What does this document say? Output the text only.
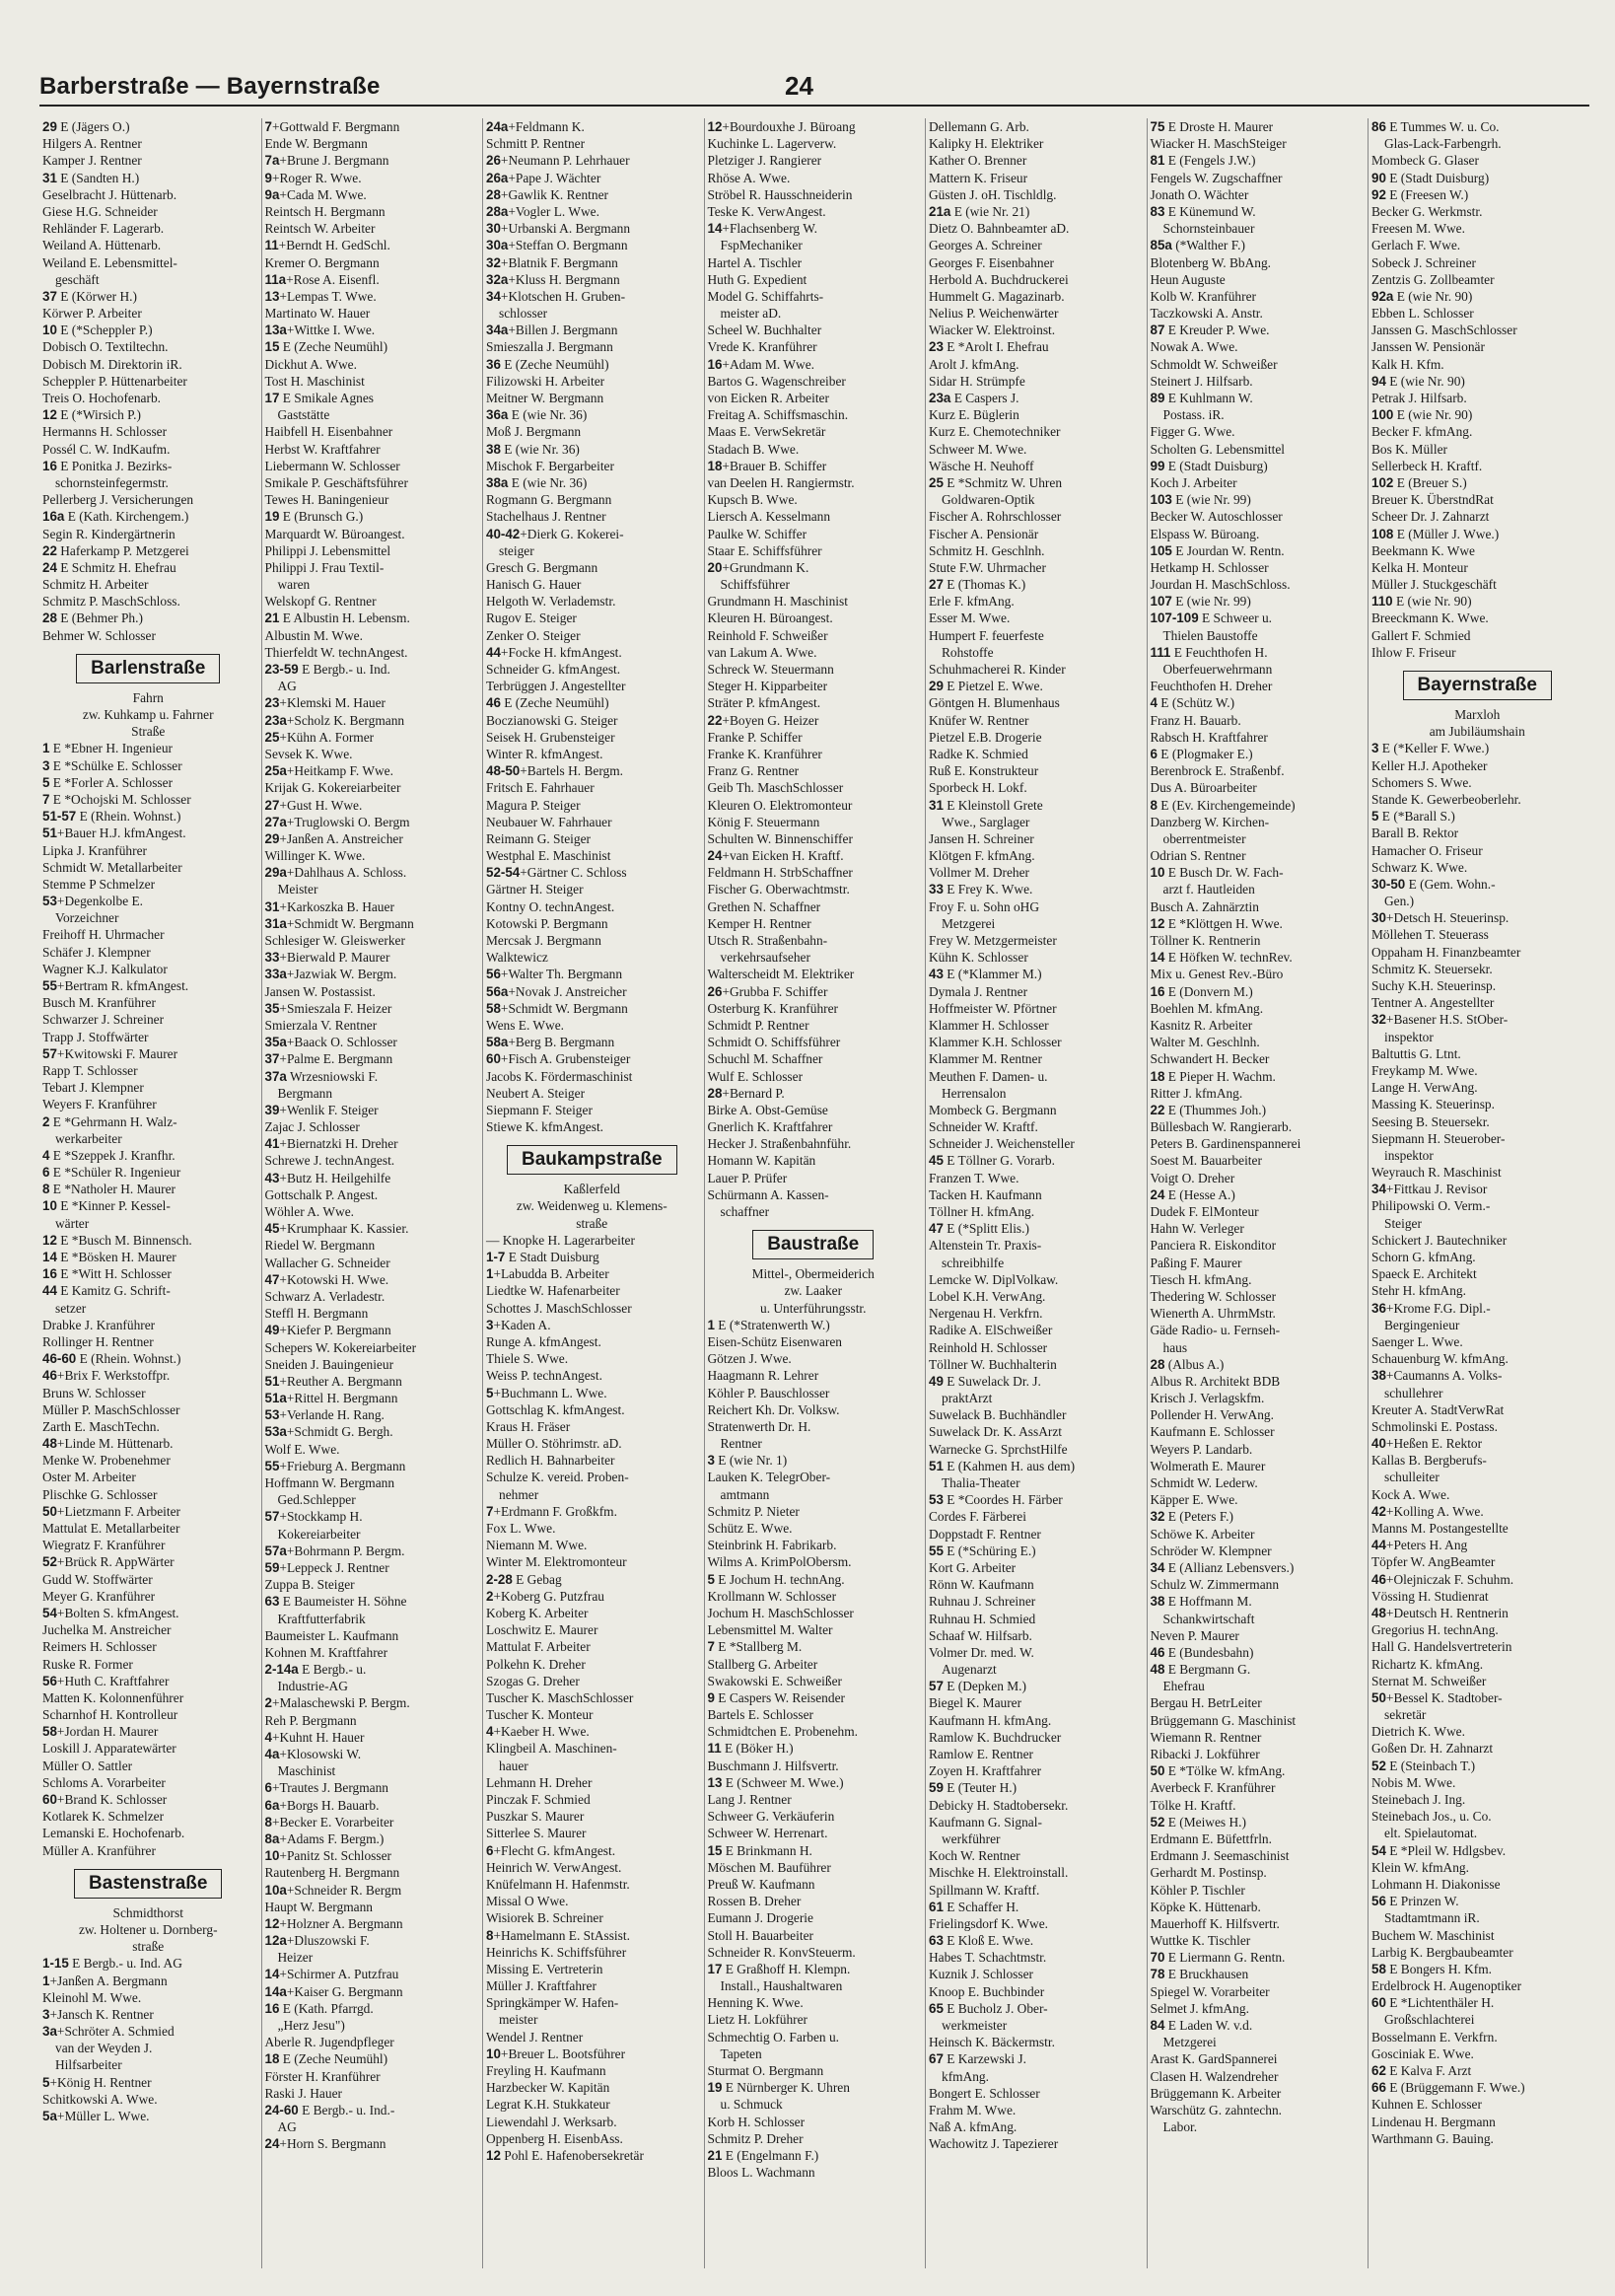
Barberstraße — Bayernstraße	24
29 E (Jägers O.)
Hilgers A. Rentner
Kamper J. Rentner
31 E (Sandten H.)
Geselbracht J. Hüttenarb.
Giese H.G. Schneider
Rehländer F. Lagerarb.
Weiland A. Hüttenarb.
Weiland E. Lebensmittel-
geschäft
37 E (Körwer H.)
Körwer P. Arbeiter
10 E (*Scheppler P.)
Dobisch O. Textiltechn.
Dobisch M. Direktorin iR.
Scheppler P. Hüttenarbeiter
Treis O. Hochofenarb.
12 E (*Wirsich P.)
Hermanns H. Schlosser
Possél C. W. IndKaufm.
16 E Ponitka J. Bezirks-
schornsteinfegermstr.
Pellerberg J. Versicherungen
16a E (Kath. Kirchengem.)
Segin R. Kindergärtnerin
22 Haferkamp P. Metzgerei
24 E Schmitz H. Ehefrau
Schmitz H. Arbeiter
Schmitz P. MaschSchloss.
28 E (Behmer Ph.)
Behmer W. Schlosser
Barlenstraße
Fahrn
zw. Kuhkamp u. Fahrner
Straße
1 E *Ebner H. Ingenieur
3 E *Schülke E. Schlosser
5 E *Forler A. Schlosser
7 E *Ochojski M. Schlosser
51-57 E (Rhein. Wohnst.)
51+Bauer H.J. kfmAngest.
Lipka J. Kranführer
Schmidt W. Metallarbeiter
Stemme P Schmelzer
53+Degenkolbe E.
Vorzeichner
Freihoff H. Uhrmacher
Schäfer J. Klempner
Wagner K.J. Kalkulator
55+Bertram R. kfmAngest.
Busch M. Kranführer
Schwarzer J. Schreiner
Trapp J. Stoffwärter
57+Kwitowski F. Maurer
Rapp T. Schlosser
Tebart J. Klempner
Weyers F. Kranführer
2 E *Gehrmann H. Walz-
werkarbeiter
4 E *Szeppek J. Kranfhr.
6 E *Schüler R. Ingenieur
8 E *Natholer H. Maurer
10 E *Kinner P. Kessel-
wärter
12 E *Busch M. Binnensch.
14 E *Bösken H. Maurer
16 E *Witt H. Schlosser
44 E Kamitz G. Schrift-
setzer
Drabke J. Kranführer
Rollinger H. Rentner
46-60 E (Rhein. Wohnst.)
46+Brix F. Werkstoffpr.
Bruns W. Schlosser
Müller P. MaschSchlosser
Zarth E. MaschTechn.
48+Linde M. Hüttenarb.
Menke W. Probenehmer
Oster M. Arbeiter
Plischke G. Schlosser
50+Lietzmann F. Arbeiter
Mattulat E. Metallarbeiter
Wiegratz F. Kranführer
52+Brück R. AppWärter
Gudd W. Stoffwärter
Meyer G. Kranführer
54+Bolten S. kfmAngest.
Juchelka M. Anstreicher
Reimers H. Schlosser
Ruske R. Former
56+Huth C. Kraftfahrer
Matten K. Kolonnenführer
Scharnhof H. Kontrolleur
58+Jordan H. Maurer
Loskill J. Apparatewärter
Müller O. Sattler
Schloms A. Vorarbeiter
60+Brand K. Schlosser
Kotlarek K. Schmelzer
Lemanski E. Hochofenarb.
Müller A. Kranführer
Bastenstraße
Schmidthorst
zw. Holtener u. Dornberg-
straße
1-15 E Bergb.- u. Ind. AG
1+Janßen A. Bergmann
Kleinohl M. Wwe.
3+Jansch K. Rentner
3a+Schröter A. Schmied
van der Weyden J.
Hilfsarbeiter
5+König H. Rentner
Schitkowski A. Wwe.
5a+Müller L. Wwe.
7+Gottwald F. Bergmann
Ende W. Bergmann
7a+Brune J. Bergmann
9+Roger R. Wwe.
9a+Cada M. Wwe.
Reintsch H. Bergmann
Reintsch W. Arbeiter
11+Berndt H. GedSchl.
Kremer O. Bergmann
11a+Rose A. Eisenfl.
13+Lempas T. Wwe.
Martinato W. Hauer
13a+Wittke I. Wwe.
15 E (Zeche Neumühl)
Dickhut A. Wwe.
Tost H. Maschinist
17 E Smikale Agnes
Gaststätte
Haibfell H. Eisenbahner
Herbst W. Kraftfahrer
Liebermann W. Schlosser
Smikale P. Geschäftsführer
Tewes H. Baningenieur
19 E (Brunsch G.)
Marquardt W. Büroangest.
Philippi J. Lebensmittel
Philippi J. Frau Textil-
waren
Welskopf G. Rentner
21 E Albustin H. Lebensm.
Albustin M. Wwe.
Thierfeldt W. technAngest.
23-59 E Bergb.- u. Ind.
AG
23+Klemski M. Hauer
23a+Scholz K. Bergmann
25+Kühn A. Former
Sevsek K. Wwe.
25a+Heitkamp F. Wwe.
Krijak G. Kokereiarbeiter
27+Gust H. Wwe.
27a+Truglowski O. Bergm
29+Janßen A. Anstreicher
Willinger K. Wwe.
29a+Dahlhaus A. Schloss.
Meister
31+Karkoszka B. Hauer
31a+Schmidt W. Bergmann
Schlesiger W. Gleiswerker
33+Bierwald P. Maurer
33a+Jazwiak W. Bergm.
Jansen W. Postassist.
35+Smieszala F. Heizer
Smierzala V. Rentner
35a+Baack O. Schlosser
37+Palme E. Bergmann
37a Wrzesniowski F.
Bergmann
39+Wenlik F. Steiger
Zajac J. Schlosser
41+Biernatzki H. Dreher
Schrewe J. technAngest.
43+Butz H. Heilgehilfe
Gottschalk P. Angest.
Wöhler A. Wwe.
45+Krumphaar K. Kassier.
Riedel W. Bergmann
Wallacher G. Schneider
47+Kotowski H. Wwe.
Schwarz A. Verladestr.
Steffl H. Bergmann
49+Kiefer P. Bergmann
Schepers W. Kokereiarbeiter
Sneiden J. Bauingenieur
51+Reuther A. Bergmann
51a+Rittel H. Bergmann
53+Verlande H. Rang.
53a+Schmidt G. Bergh.
Wolf E. Wwe.
55+Frieburg A. Bergmann
Hoffmann W. Bergmann
Ged.Schlepper
57+Stockkamp H.
Kokereiarbeiter
57a+Bohrmann P. Bergm.
59+Leppeck J. Rentner
Zuppa B. Steiger
63 E Baumeister H. Söhne
Kraftfutterfabrik
Baumeister L. Kaufmann
Kohnen M. Kraftfahrer
2-14a E Bergb.- u.
Industrie-AG
2+Malaschewski P. Bergm.
Reh P. Bergmann
4+Kuhnt H. Hauer
4a+Klosowski W.
Maschinist
6+Trautes J. Bergmann
6a+Borgs H. Bauarb.
8+Becker E. Vorarbeiter
8a+Adams F. Bergm.)
10+Panitz St. Schlosser
Rautenberg H. Bergmann
10a+Schneider R. Bergm
Haupt W. Bergmann
12+Holzner A. Bergmann
12a+Dluszowski F.
Heizer
14+Schirmer A. Putzfrau
14a+Kaiser G. Bergmann
16 E (Kath. Pfarrgd.
„Herz Jesu")
Aberle R. Jugendpfleger
18 E (Zeche Neumühl)
Förster H. Kranführer
Raski J. Hauer
24-60 E Bergb.- u. Ind.-
AG
24+Horn S. Bergmann
24a+Feldmann K.
Schmitt P. Rentner
26+Neumann P. Lehrhauer
26a+Pape J. Wächter
28+Gawlik K. Rentner
28a+Vogler L. Wwe.
30+Urbanski A. Bergmann
30a+Steffan O. Bergmann
32+Blatnik F. Bergmann
32a+Kluss H. Bergmann
34+Klotschen H. Gruben-
schlosser
34a+Billen J. Bergmann
Smieszalla J. Bergmann
36 E (Zeche Neumühl)
Filizowski H. Arbeiter
Meitner W. Bergmann
36a E (wie Nr. 36)
Moß J. Bergmann
38 E (wie Nr. 36)
Mischok F. Bergarbeiter
38a E (wie Nr. 36)
Rogmann G. Bergmann
Stachelhaus J. Rentner
40-42+Dierk G. Kokerei-
steiger
Gresch G. Bergmann
Hanisch G. Hauer
Helgoth W. Verlademstr.
Rugov E. Steiger
Zenker O. Steiger
44+Focke H. kfmAngest.
Schneider G. kfmAngest.
Terbrüggen J. Angestellter
46 E (Zeche Neumühl)
Boczianowski G. Steiger
Seisek H. Grubensteiger
Winter R. kfmAngest.
48-50+Bartels H. Bergm.
Fritsch E. Fahrhauer
Magura P. Steiger
Neubauer W. Fahrhauer
Reimann G. Steiger
Westphal E. Maschinist
52-54+Gärtner C. Schloss
Gärtner H. Steiger
Kontny O. technAngest.
Kotowski P. Bergmann
Mercsak J. Bergmann
Walktewicz
56+Walter Th. Bergmann
56a+Novak J. Anstreicher
58+Schmidt W. Bergmann
Wens E. Wwe.
58a+Berg B. Bergmann
60+Fisch A. Grubensteiger
Jacobs K. Fördermaschinist
Neubert A. Steiger
Siepmann F. Steiger
Stiewe K. kfmAngest.
Baukampstraße
Kaßlerfeld
zw. Weidenweg u. Klemens-
straße
— Knopke H. Lagerarbeiter
1-7 E Stadt Duisburg
1+Labudda B. Arbeiter
Liedtke W. Hafenarbeiter
Schottes J. MaschSchlosser
3+Kaden A.
Runge A. kfmAngest.
Thiele S. Wwe.
Weiss P. technAngest.
5+Buchmann L. Wwe.
Gottschlag K. kfmAngest.
Kraus H. Fräser
Müller O. Stöhrimstr. aD.
Redlich H. Bahnarbeiter
Schulze K. vereid. Proben-
nehmer
7+Erdmann F. Großkfm.
Fox L. Wwe.
Niemann M. Wwe.
Winter M. Elektromonteur
2-28 E Gebag
2+Koberg G. Putzfrau
Koberg K. Arbeiter
Loschwitz E. Maurer
Mattulat F. Arbeiter
Polkehn K. Dreher
Szogas G. Dreher
Tuscher K. MaschSchlosser
Tuscher K. Monteur
4+Kaeber H. Wwe.
Klingbeil A. Maschinen-
hauer
Lehmann H. Dreher
Pinczak F. Schmied
Puszkar S. Maurer
Sitterlee S. Maurer
6+Flecht G. kfmAngest.
Heinrich W. VerwAngest.
Knüfelmann H. Hafenmstr.
Missal O Wwe.
Wisiorek B. Schreiner
8+Hamelmann E. StAssist.
Heinrichs K. Schiffsführer
Missing E. Vertreterin
Müller J. Kraftfahrer
Springkämper W. Hafen-
meister
Wendel J. Rentner
10+Breuer L. Bootsführer
Freyling H. Kaufmann
Harzbecker W. Kapitän
Legrat K.H. Stukkateur
Liewendahl J. Werksarb.
Oppenberg H. EisenbAss.
12 Pohl E. Hafenobersekretär
12+Bourdouxhe J. Büroang
Kuchinke L. Lagerverw.
Pletziger J. Rangierer
Rhöse A. Wwe.
Ströbel R. Hausschneiderin
Teske K. VerwAngest.
14+Flachsenberg W.
FspMechaniker
Hartel A. Tischler
Huth G. Expedient
Model G. Schiffahrts-
meister aD.
Scheel W. Buchhalter
Vrede K. Kranführer
16+Adam M. Wwe.
Bartos G. Wagenschreiber
von Eicken R. Arbeiter
Freitag A. Schiffsmaschin.
Maas E. VerwSekretär
Stadach B. Wwe.
18+Brauer B. Schiffer
van Deelen H. Rangiermstr.
Kupsch B. Wwe.
Liersch A. Kesselmann
Paulke W. Schiffer
Staar E. Schiffsführer
20+Grundmann K.
Schiffsführer
Grundmann H. Maschinist
Kleuren H. Büroangest.
Reinhold F. Schweißer
van Lakum A. Wwe.
Schreck W. Steuermann
Steger H. Kipparbeiter
Sträter P. kfmAngest.
22+Boyen G. Heizer
Franke P. Schiffer
Franke K. Kranführer
Franz G. Rentner
Geib Th. MaschSchlosser
Kleuren O. Elektromonteur
König F. Steuermann
Schulten W. Binnenschiffer
24+van Eicken H. Kraftf.
Feldmann H. StrbSchaffner
Fischer G. Oberwachtmstr.
Grethen N. Schaffner
Kemper H. Rentner
Utsch R. Straßenbahn-
verkehrsaufseher
Walterscheidt M. Elektriker
26+Grubba F. Schiffer
Osterburg K. Kranführer
Schmidt P. Rentner
Schmidt O. Schiffsführer
Schuchl M. Schaffner
Wulf E. Schlosser
28+Bernard P.
Birke A. Obst-Gemüse
Gnerlich K. Kraftfahrer
Hecker J. Straßenbahnführ.
Homann W. Kapitän
Lauer P. Prüfer
Schürmann A. Kassen-
schaffner
Baustraße
Mittel-, Obermeiderich
zw. Laaker
u. Unterführungsstr.
1 E (*Stratenwerth W.)
Eisen-Schütz Eisenwaren
Götzen J. Wwe.
Haagmann R. Lehrer
Köhler P. Bauschlosser
Reichert Kh. Dr. Volksw.
Stratenwerth Dr. H.
Rentner
3 E (wie Nr. 1)
Lauken K. TelegrOber-
amtmann
Schmitz P. Nieter
Schütz E. Wwe.
Steinbrink H. Fabrikarb.
Wilms A. KrimPolObersm.
5 E Jochum H. technAng.
Krollmann W. Schlosser
Jochum H. MaschSchlosser
Lebensmittel M. Walter
7 E *Stallberg M.
Stallberg G. Arbeiter
Swakowski E. Schweißer
9 E Caspers W. Reisender
Bartels E. Schlosser
Schmidtchen E. Probenehm.
11 E (Böker H.)
Buschmann J. Hilfsvertr.
13 E (Schweer M. Wwe.)
Lang J. Rentner
Schweer G. Verkäuferin
Schweer W. Herrenart.
15 E Brinkmann H.
Möschen M. Bauführer
Preuß W. Kaufmann
Rossen B. Dreher
Eumann J. Drogerie
Stoll H. Bauarbeiter
Schneider R. KonvSteuerm.
17 E Graßhoff H. Klempn.
Install., Haushaltwaren
Henning K. Wwe.
Lietz H. Lokführer
Schmechtig O. Farben u.
Tapeten
Sturmat O. Bergmann
19 E Nürnberger K. Uhren
u. Schmuck
Korb H. Schlosser
Schmitz P. Dreher
21 E (Engelmann F.)
Bloos L. Wachmann
Dellemann G. Arb.
Kalipky H. Elektriker
Kather O. Brenner
Mattern K. Friseur
Güsten J. oH. Tischldlg.
21a E (wie Nr. 21)
Dietz O. Bahnbeamter aD.
Georges A. Schreiner
Georges F. Eisenbahner
Herbold A. Buchdruckerei
Hummelt G. Magazinarb.
Nelius P. Weichenwärter
Wiacker W. Elektroinst.
23 E *Arolt I. Ehefrau
Arolt J. kfmAng.
Sidar H. Strümpfe
23a E Caspers J.
Kurz E. Büglerin
Kurz E. Chemotechniker
Schweer M. Wwe.
Wäsche H. Neuhoff
25 E *Schmitz W. Uhren
Goldwaren-Optik
Fischer A. Rohrschlosser
Fischer A. Pensionär
Schmitz H. Geschlnh.
Stute F.W. Uhrmacher
27 E (Thomas K.)
Erle F. kfmAng.
Esser M. Wwe.
Humpert F. feuerfeste
Rohstoffe
Schuhmacherei R. Kinder
29 E Pietzel E. Wwe.
Göntgen H. Blumenhaus
Knüfer W. Rentner
Pietzel E.B. Drogerie
Radke K. Schmied
Ruß E. Konstrukteur
Sporbeck H. Lokf.
31 E Kleinstoll Grete
Wwe., Sarglager
Jansen H. Schreiner
Klötgen F. kfmAng.
Vollmer M. Dreher
33 E Frey K. Wwe.
Froy F. u. Sohn oHG
Metzgerei
Frey W. Metzgermeister
Kühn K. Schlosser
43 E (*Klammer M.)
Dymala J. Rentner
Hoffmeister W. Pförtner
Klammer H. Schlosser
Klammer K.H. Schlosser
Klammer M. Rentner
Meuthen F. Damen- u.
Herrensalon
Mombeck G. Bergmann
Schneider W. Kraftf.
Schneider J. Weichensteller
45 E Töllner G. Vorarb.
Franzen T. Wwe.
Tacken H. Kaufmann
Töllner H. kfmAng.
47 E (*Splitt Elis.)
Altenstein Tr. Praxis-
schreibhilfe
Lemcke W. DiplVolkaw.
Lobel K.H. VerwAng.
Nergenau H. Verkfrn.
Radike A. ElSchweißer
Reinhold H. Schlosser
Töllner W. Buchhalterin
49 E Suwelack Dr. J.
praktArzt
Suwelack B. Buchhändler
Suwelack Dr. K. AssArzt
Warnecke G. SprchstHilfe
51 E (Kahmen H. aus dem)
Thalia-Theater
53 E *Coordes H. Färber
Cordes F. Färberei
Doppstadt F. Rentner
55 E (*Schüring E.)
Kort G. Arbeiter
Rönn W. Kaufmann
Ruhnau J. Schreiner
Ruhnau H. Schmied
Schaaf W. Hilfsarb.
Volmer Dr. med. W.
Augenarzt
57 E (Depken M.)
Biegel K. Maurer
Kaufmann H. kfmAng.
Ramlow K. Buchdrucker
Ramlow E. Rentner
Zoyen H. Kraftfahrer
59 E (Teuter H.)
Debicky H. Stadtobersekr.
Kaufmann G. Signal-
werkführer
Koch W. Rentner
Mischke H. Elektroinstall.
Spillmann W. Kraftf.
61 E Schaffer H.
Frielingsdorf K. Wwe.
63 E Kloß E. Wwe.
Habes T. Schachtmstr.
Kuznik J. Schlosser
Knoop E. Buchbinder
65 E Bucholz J. Ober-
werkmeister
Heinsch K. Bäckermstr.
67 E Karzewski J.
kfmAng.
Bongert E. Schlosser
Frahm M. Wwe.
Naß A. kfmAng.
Wachowitz J. Tapezierer
75 E Droste H. Maurer
Wiacker H. MaschSteiger
81 E (Fengels J.W.)
Fengels W. Zugschaffner
Jonath O. Wächter
83 E Künemund W.
Schornsteinbauer
85a (*Walther F.)
Blotenberg W. BbAng.
Heun Auguste
Kolb W. Kranführer
Taczkowski A. Anstr.
87 E Kreuder P. Wwe.
Nowak A. Wwe.
Schmoldt W. Schweißer
Steinert J. Hilfsarb.
89 E Kuhlmann W.
Postass. iR.
Figger G. Wwe.
Scholten G. Lebensmittel
99 E (Stadt Duisburg)
Koch J. Arbeiter
103 E (wie Nr. 99)
Becker W. Autoschlosser
Elspass W. Büroang.
105 E Jourdan W. Rentn.
Hetkamp H. Schlosser
Jourdan H. MaschSchloss.
107 E (wie Nr. 99)
107-109 E Schweer u.
Thielen Baustoffe
111 E Feuchthofen H.
Oberfeuerwehrmann
Feuchthofen H. Dreher
4 E (Schütz W.)
Franz H. Bauarb.
Rabsch H. Kraftfahrer
6 E (Plogmaker E.)
Berenbrock E. Straßenbf.
Dus A. Büroarbeiter
8 E (Ev. Kirchengemeinde)
Danzberg W. Kirchen-
oberrentmeister
Odrian S. Rentner
10 E Busch Dr. W. Fach-
arzt f. Hautleiden
Busch A. Zahnärztin
12 E *Klöttgen H. Wwe.
Töllner K. Rentnerin
14 E Höfken W. technRev.
Mix u. Genest Rev.-Büro
16 E (Donvern M.)
Boehlen M. kfmAng.
Kasnitz R. Arbeiter
Walter M. Geschlnh.
Schwandert H. Becker
18 E Pieper H. Wachm.
Ritter J. kfmAng.
22 E (Thummes Joh.)
Büllesbach W. Rangierarb.
Peters B. Gardinenspannerei
Soest M. Bauarbeiter
Voigt O. Dreher
24 E (Hesse A.)
Dudek F. ElMonteur
Hahn W. Verleger
Panciera R. Eiskonditor
Paßing F. Maurer
Tiesch H. kfmAng.
Thedering W. Schlosser
Wienerth A. UhrmMstr.
Gäde Radio- u. Fernseh-
haus
28 (Albus A.)
Albus R. Architekt BDB
Krisch J. Verlagskfm.
Pollender H. VerwAng.
Kaufmann E. Schlosser
Weyers P. Landarb.
Wolmerath E. Maurer
Schmidt W. Lederw.
Käpper E. Wwe.
32 E (Peters F.)
Schöwe K. Arbeiter
Schröder W. Klempner
34 E (Allianz Lebensvers.)
Schulz W. Zimmermann
38 E Hoffmann M.
Schankwirtschaft
Neven P. Maurer
46 E (Bundesbahn)
48 E Bergmann G.
Ehefrau
Bergau H. BetrLeiter
Brüggemann G. Maschinist
Wiemann R. Rentner
Ribacki J. Lokführer
50 E *Tölke W. kfmAng.
Averbeck F. Kranführer
Tölke H. Kraftf.
52 E (Meiwes H.)
Erdmann E. Büfettfrln.
Erdmann J. Seemaschinist
Gerhardt M. Postinsp.
Köhler P. Tischler
Köpke K. Hüttenarb.
Mauerhoff K. Hilfsvertr.
Wuttke K. Tischler
70 E Liermann G. Rentn.
78 E Bruckhausen
Spiegel W. Vorarbeiter
Selmet J. kfmAng.
84 E Laden W. v.d.
Metzgerei
Arast K. GardSpannerei
Clasen H. Walzendreher
Brüggemann K. Arbeiter
Warschütz G. zahntechn.
Labor.
86 E Tummes W. u. Co.
Glas-Lack-Farbengrh.
Mombeck G. Glaser
90 E (Stadt Duisburg)
92 E (Freesen W.)
Becker G. Werkmstr.
Freesen M. Wwe.
Gerlach F. Wwe.
Sobeck J. Schreiner
Zentzis G. Zollbeamter
92a E (wie Nr. 90)
Ebben L. Schlosser
Janssen G. MaschSchlosser
Janssen W. Pensionär
Kalk H. Kfm.
94 E (wie Nr. 90)
Petrak J. Hilfsarb.
100 E (wie Nr. 90)
Becker F. kfmAng.
Bos K. Müller
Sellerbeck H. Kraftf.
102 E (Breuer S.)
Breuer K. ÜberstndRat
Scheer Dr. J. Zahnarzt
108 E (Müller J. Wwe.)
Beekmann K. Wwe
Kelka H. Monteur
Müller J. Stuckgeschäft
110 E (wie Nr. 90)
Breeckmann K. Wwe.
Gallert F. Schmied
Ihlow F. Friseur
Bayernstraße
Marxloh
am Jubiläumshain
3 E (*Keller F. Wwe.)
Keller H.J. Apotheker
Schomers S. Wwe.
Stande K. Gewerbeoberlehr.
5 E (*Barall S.)
Barall B. Rektor
Hamacher O. Friseur
Schwarz K. Wwe.
30-50 E (Gem. Wohn.-
Gen.)
30+Detsch H. Steuerinsp.
Möllehen T. Steuerass
Oppaham H. Finanzbeamter
Schmitz K. Steuersekr.
Suchy K.H. Steuerinsp.
Tentner A. Angestellter
32+Basener H.S. StOber-
inspektor
Baltuttis G. Ltnt.
Freykamp M. Wwe.
Lange H. VerwAng.
Massing K. Steuerinsp.
Seesing B. Steuersekr.
Siepmann H. Steuerober-
inspektor
Weyrauch R. Maschinist
34+Fittkau J. Revisor
Philipowski O. Verm.-
Steiger
Schickert J. Bautechniker
Schorn G. kfmAng.
Spaeck E. Architekt
Stehr H. kfmAng.
36+Krome F.G. Dipl.-
Bergingenieur
Saenger L. Wwe.
Schauenburg W. kfmAng.
38+Caumanns A. Volks-
schullehrer
Kreuter A. StadtVerwRat
Schmolinski E. Postass.
40+Heßen E. Rektor
Kallas B. Bergberufs-
schulleiter
Kock A. Wwe.
42+Kolling A. Wwe.
Manns M. Postangestellte
44+Peters H. Ang
Töpfer W. AngBeamter
46+Olejniczak F. Schuhm.
Vössing H. Studienrat
48+Deutsch H. Rentnerin
Gregorius H. technAng.
Hall G. Handelsvertreterin
Richartz K. kfmAng.
Sternat M. Schweißer
50+Bessel K. Stadtober-
sekretär
Dietrich K. Wwe.
Goßen Dr. H. Zahnarzt
52 E (Steinbach T.)
Nobis M. Wwe.
Steinebach J. Ing.
Steinebach Jos., u. Co.
elt. Spielautomat.
54 E *Pleil W. Hdlgsbev.
Klein W. kfmAng.
Lohmann H. Diakonisse
56 E Prinzen W.
Stadtamtmann iR.
Buchem W. Maschinist
Larbig K. Bergbaubeamter
58 E Bongers H. Kfm.
Erdelbrock H. Augenoptiker
60 E *Lichtenthäler H.
Großschlachterei
Bosselmann E. Verkfrn.
Gosciniak E. Wwe.
62 E Kalva F. Arzt
66 E (Brüggemann F. Wwe.)
Kuhnen E. Schlosser
Lindenau H. Bergmann
Warthmann G. Bauing.
